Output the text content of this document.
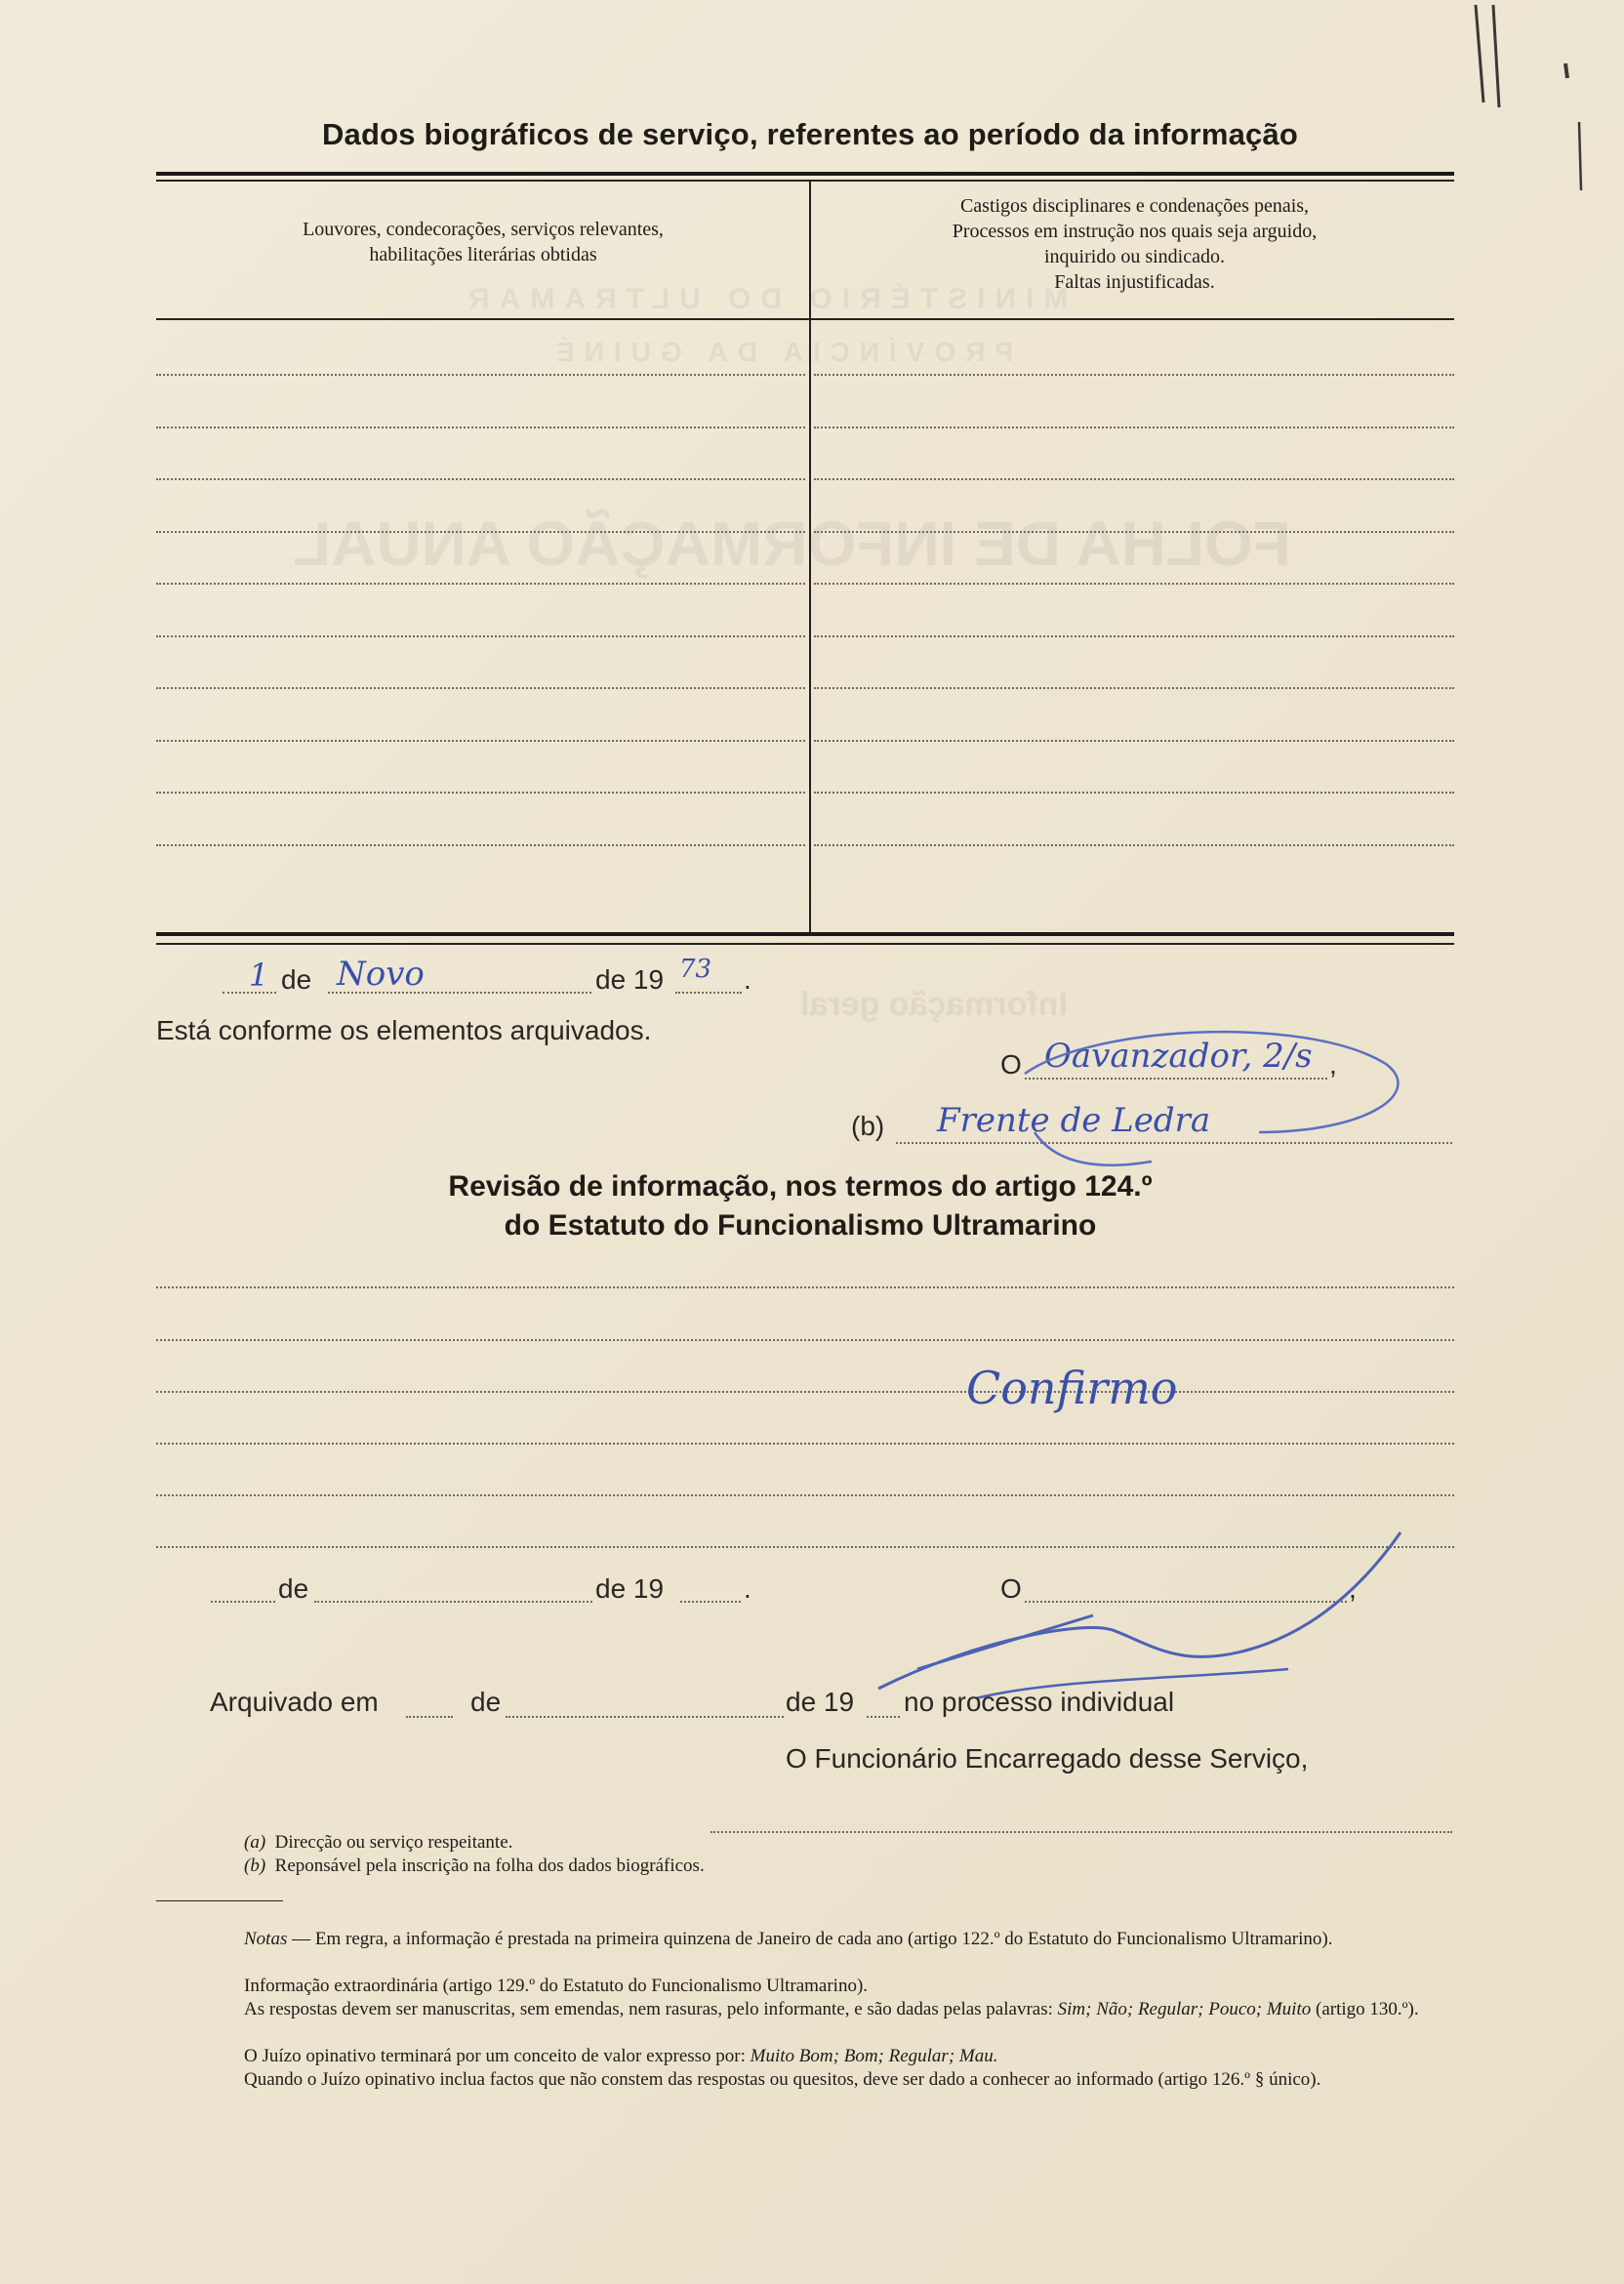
MINISTÉRIO DO ULTRAMAR
PROVÍNCIA DA GUINÉ
FOLHA DE INFORMAÇÃO ANUAL
Informação geral
Dados biográficos de serviço, referentes ao período da informação
Louvores, condecorações, serviços relevantes,
habilitações literárias obtidas
Castigos disciplinares e condenações penais,
Processos em instrução nos quais seja arguido,
inquirido ou sindicado.
Faltas injustificadas.
1 de Novo	de 19 73 .
Está conforme os elementos arquivados.
O Oavanzador, 2/s ,
(b) Frente de Ledra
Revisão de informação, nos termos do artigo 124.º
do Estatuto do Funcionalismo Ultramarino
Confirmo
de	de 19	.	O	,
Arquivado em	de	de 19 no processo individual
O Funcionário Encarregado desse Serviço,
(a) Direcção ou serviço respeitante.
(b) Reponsável pela inscrição na folha dos dados biográficos.
Notas — Em regra, a informação é prestada na primeira quinzena de Janeiro de cada ano (artigo 122.º do Estatuto do Funcionalismo Ultramarino).
Informação extraordinária (artigo 129.º do Estatuto do Funcionalismo Ultramarino).
As respostas devem ser manuscritas, sem emendas, nem rasuras, pelo informante, e são dadas pelas palavras: Sim; Não; Regular; Pouco; Muito (artigo 130.º).
O Juízo opinativo terminará por um conceito de valor expresso por: Muito Bom; Bom; Regular; Mau.
Quando o Juízo opinativo inclua factos que não constem das respostas ou quesitos, deve ser dado a conhecer ao informado (artigo 126.º § único).
